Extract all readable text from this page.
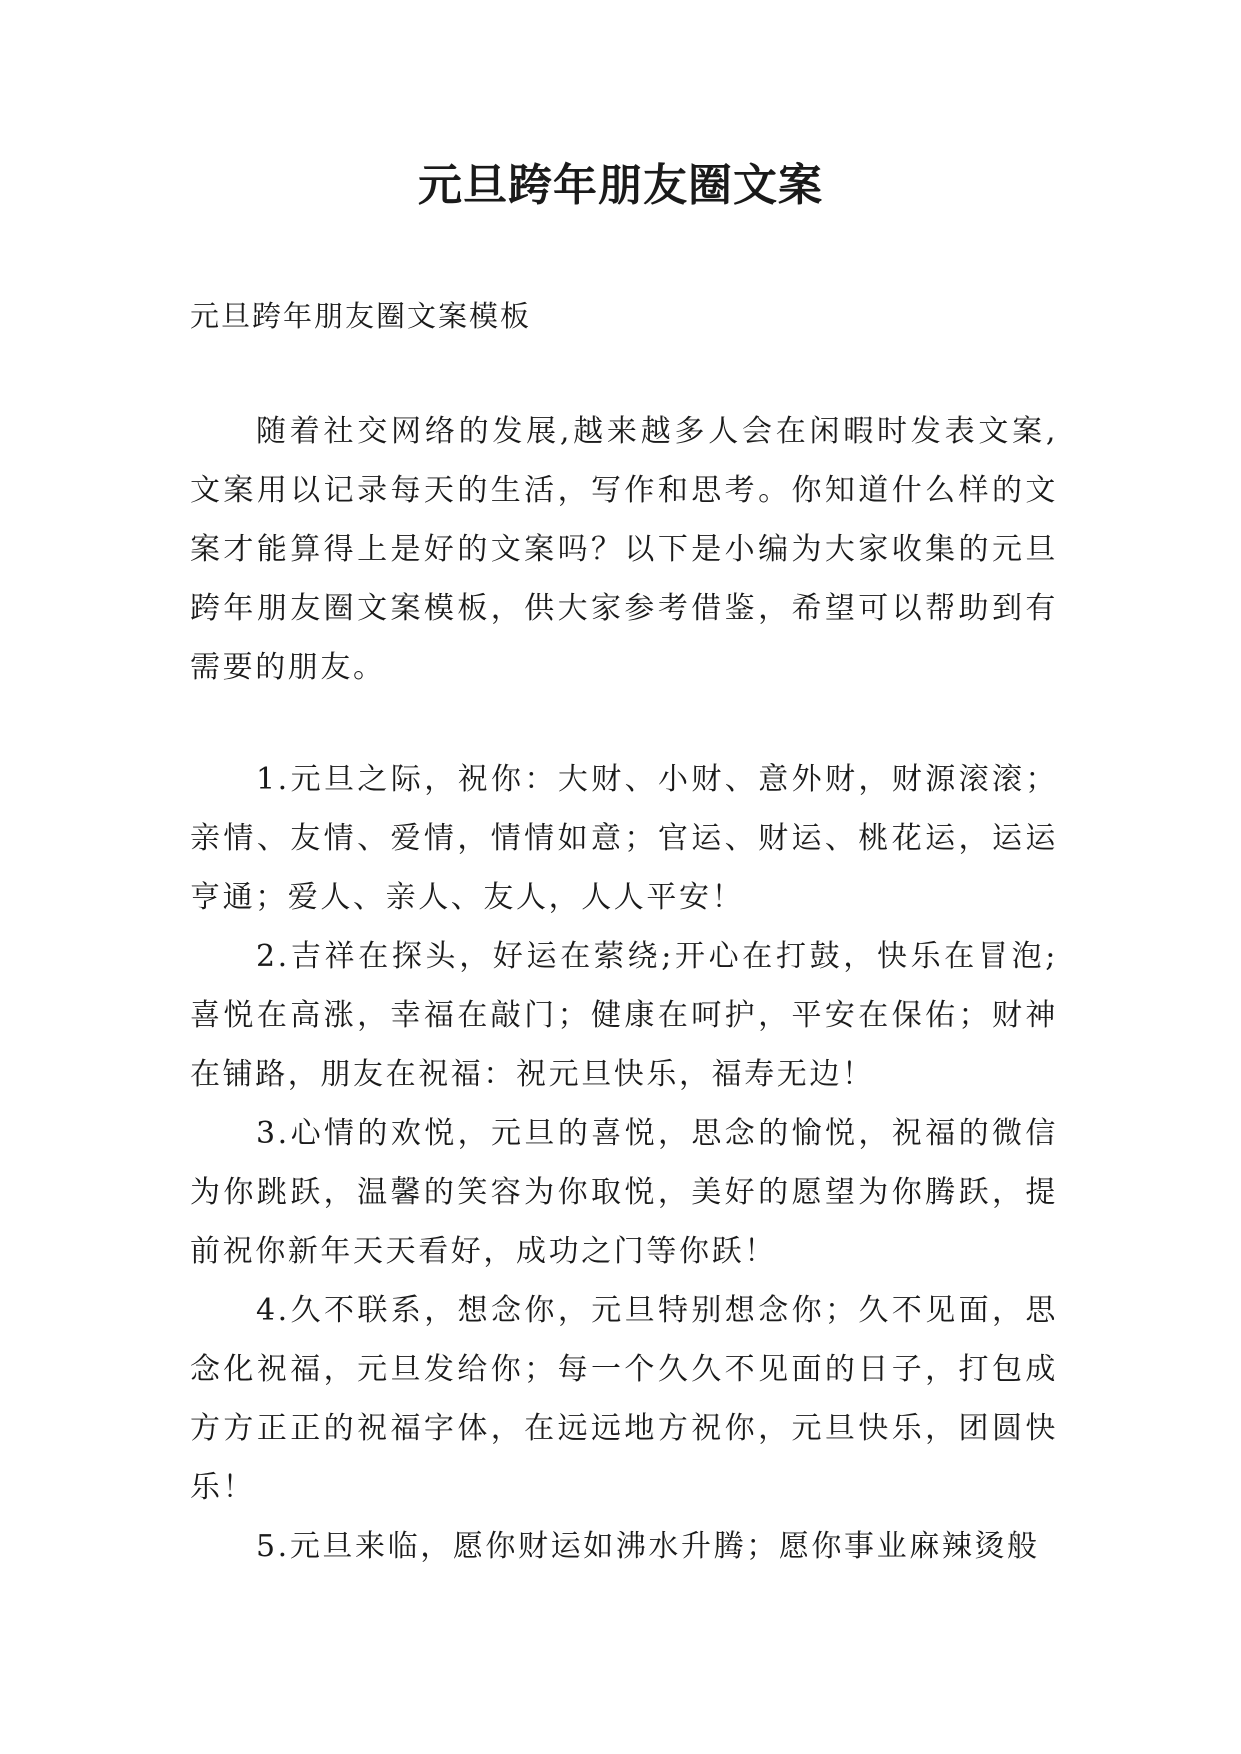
元旦跨年朋友圈文案

元旦跨年朋友圈文案模板

随着社交网络的发展,越来越多人会在闲暇时发表文案,文案用以记录每天的生活，写作和思考。你知道什么样的文案才能算得上是好的文案吗？以下是小编为大家收集的元旦跨年朋友圈文案模板，供大家参考借鉴，希望可以帮助到有需要的朋友。

1.元旦之际，祝你：大财、小财、意外财，财源滚滚；亲情、友情、爱情，情情如意；官运、财运、桃花运，运运亨通；爱人、亲人、友人，人人平安！

2.吉祥在探头，好运在萦绕;开心在打鼓，快乐在冒泡;喜悦在高涨，幸福在敲门；健康在呵护，平安在保佑；财神在铺路，朋友在祝福：祝元旦快乐，福寿无边！

3.心情的欢悦，元旦的喜悦，思念的愉悦，祝福的微信为你跳跃，温馨的笑容为你取悦，美好的愿望为你腾跃，提前祝你新年天天看好，成功之门等你跃！

4.久不联系，想念你，元旦特别想念你；久不见面，思念化祝福，元旦发给你；每一个久久不见面的日子，打包成方方正正的祝福字体，在远远地方祝你，元旦快乐，团圆快乐！

5.元旦来临，愿你财运如沸水升腾；愿你事业麻辣烫般
